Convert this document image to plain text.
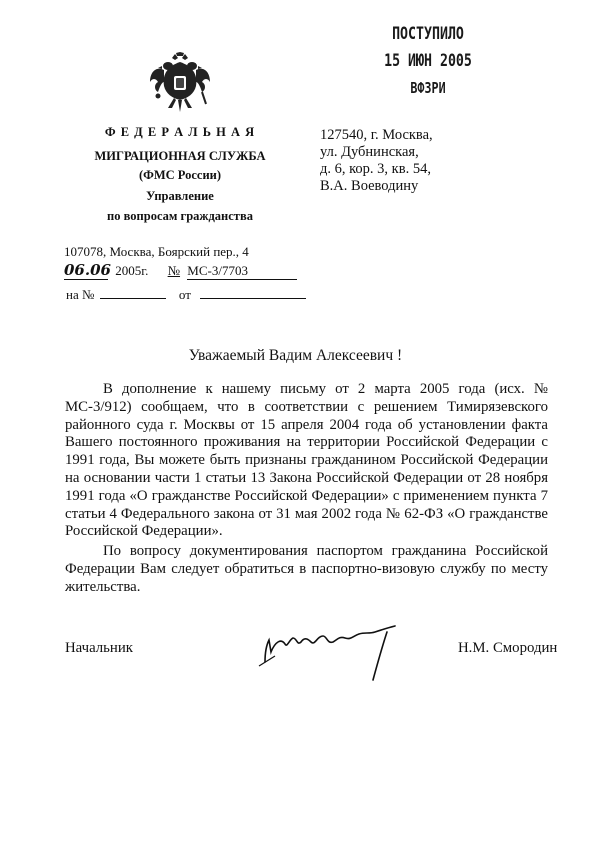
ПОСТУПИЛО
15 ИЮН 2005
ВФЗРИ
Ф Е Д Е Р А Л Ь Н А Я
МИГРАЦИОННАЯ СЛУЖБА
(ФМС России)
Управление
по вопросам гражданства
127540, г. Москва,
ул. Дубнинская,
д. 6, кор. 3, кв. 54,
В.А. Воеводину
107078, Москва, Боярский пер., 4
06.06 2005г. № МС-3/7703
на №	от
Уважаемый Вадим Алексеевич !

В дополнение к нашему письму от 2 марта 2005 года (исх. № МС-3/912) сообщаем, что в соответствии с решением Тимирязевского районного суда г. Москвы от 15 апреля 2004 года об установлении факта Вашего постоянного проживания на территории Российской Федерации с 1991 года, Вы можете быть признаны гражданином Российской Федерации на основании части 1 статьи 13 Закона Российской Федерации от 28 ноября 1991 года «О гражданстве Российской Федерации» с применением пункта 7 статьи 4 Федерального закона от 31 мая 2002 года № 62-ФЗ «О гражданстве Российской Федерации».

По вопросу документирования паспортом гражданина Российской Федерации Вам следует обратиться в паспортно-визовую службу по месту жительства.

Начальник	Н.М. Смородин
